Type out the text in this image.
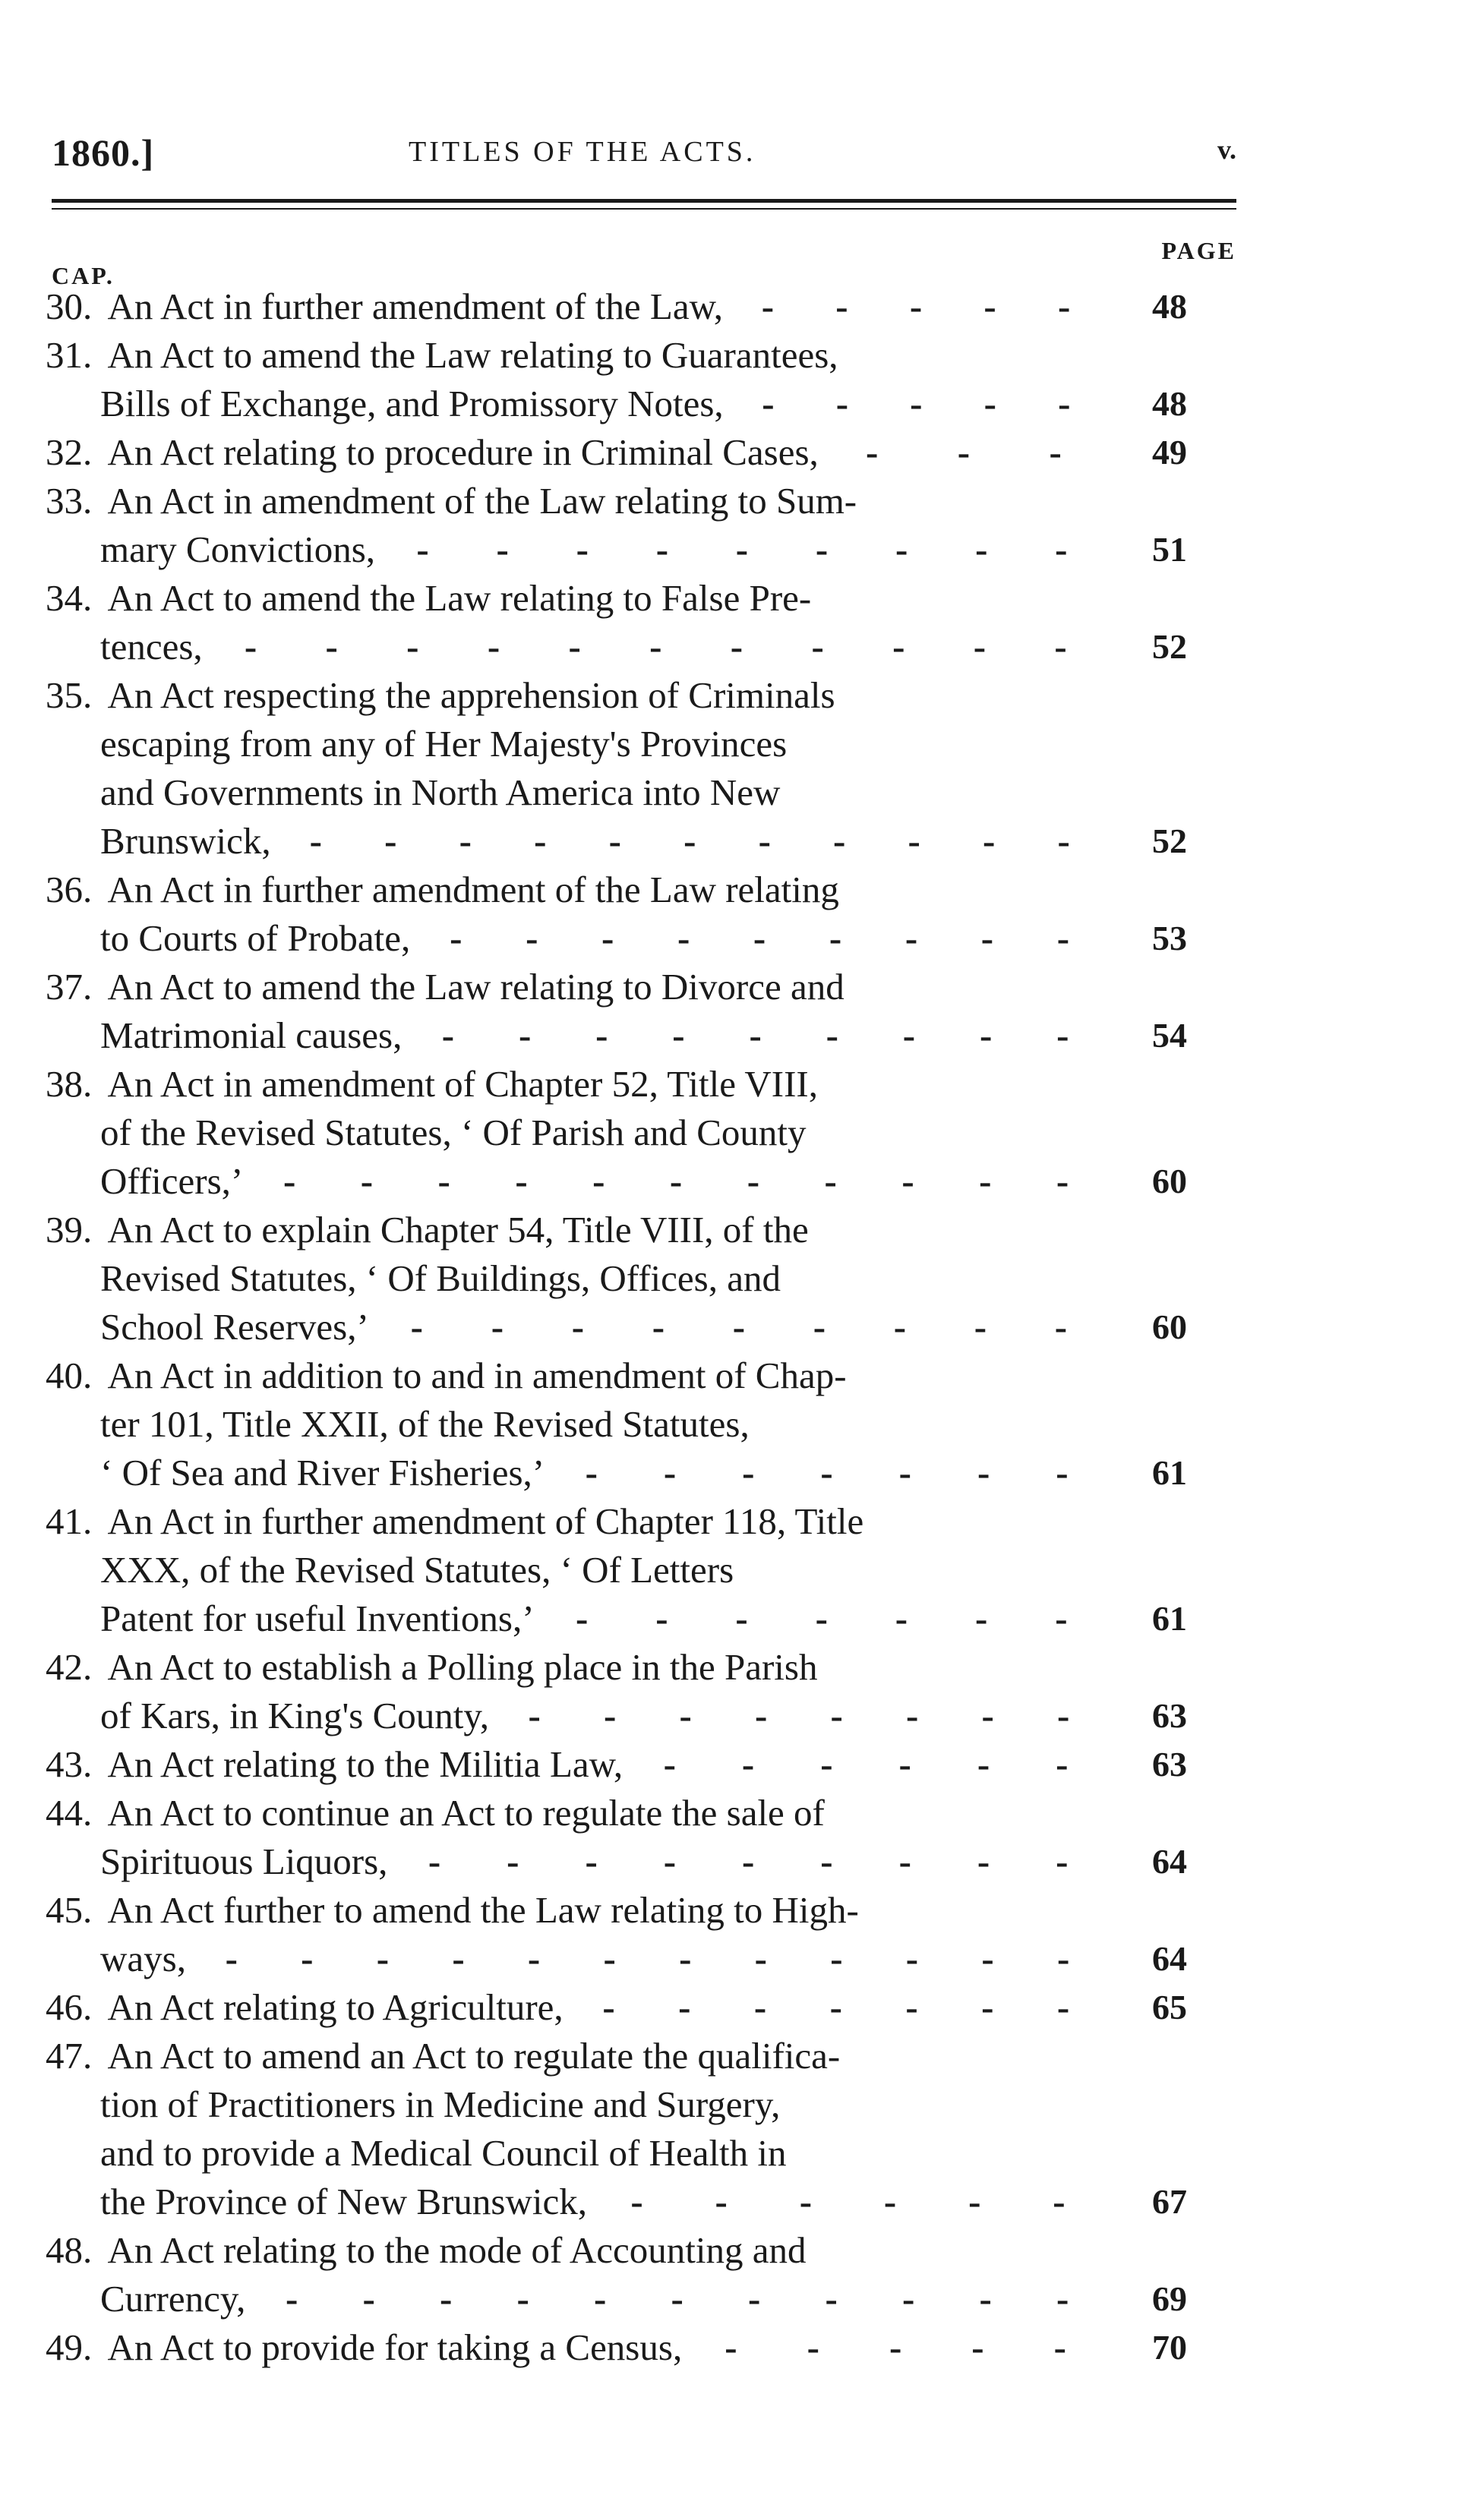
1860.]	TITLES OF THE ACTS.	v.
CAP.
PAGE
30. An Act in further amendment of the Law, - - - - -	48
31. An Act to amend the Law relating to Guarantees,
Bills of Exchange, and Promissory Notes, - - - - -	48
32. An Act relating to procedure in Criminal Cases, - - -	49
33. An Act in amendment of the Law relating to Sum-
mary Convictions, - - - - - - - - -	51
34. An Act to amend the Law relating to False Pre-
tences, - - - - - - - - - - -	52
35. An Act respecting the apprehension of Criminals
escaping from any of Her Majesty's Provinces
and Governments in North America into New
Brunswick, - - - - - - - - - - -	52
36. An Act in further amendment of the Law relating
to Courts of Probate, - - - - - - - - -	53
37. An Act to amend the Law relating to Divorce and
Matrimonial causes, - - - - - - - - -	54
38. An Act in amendment of Chapter 52, Title VIII,
of the Revised Statutes, ‘ Of Parish and County
Officers,’ - - - - - - - - - - -	60
39. An Act to explain Chapter 54, Title VIII, of the
Revised Statutes, ‘ Of Buildings, Offices, and
School Reserves,’ - - - - - - - - -	60
40. An Act in addition to and in amendment of Chap-
ter 101, Title XXII, of the Revised Statutes,
‘ Of Sea and River Fisheries,’ - - - - - - -	61
41. An Act in further amendment of Chapter 118, Title
XXX, of the Revised Statutes, ‘ Of Letters
Patent for useful Inventions,’ - - - - - - -	61
42. An Act to establish a Polling place in the Parish
of Kars, in King's County, - - - - - - - -	63
43. An Act relating to the Militia Law, - - - - - -	63
44. An Act to continue an Act to regulate the sale of
Spirituous Liquors, - - - - - - - - -	64
45. An Act further to amend the Law relating to High-
ways, - - - - - - - - - - - -	64
46. An Act relating to Agriculture, - - - - - - -	65
47. An Act to amend an Act to regulate the qualifica-
tion of Practitioners in Medicine and Surgery,
and to provide a Medical Council of Health in
the Province of New Brunswick, - - - - - -	67
48. An Act relating to the mode of Accounting and
Currency, - - - - - - - - - - -	69
49. An Act to provide for taking a Census, - - - - -	70
